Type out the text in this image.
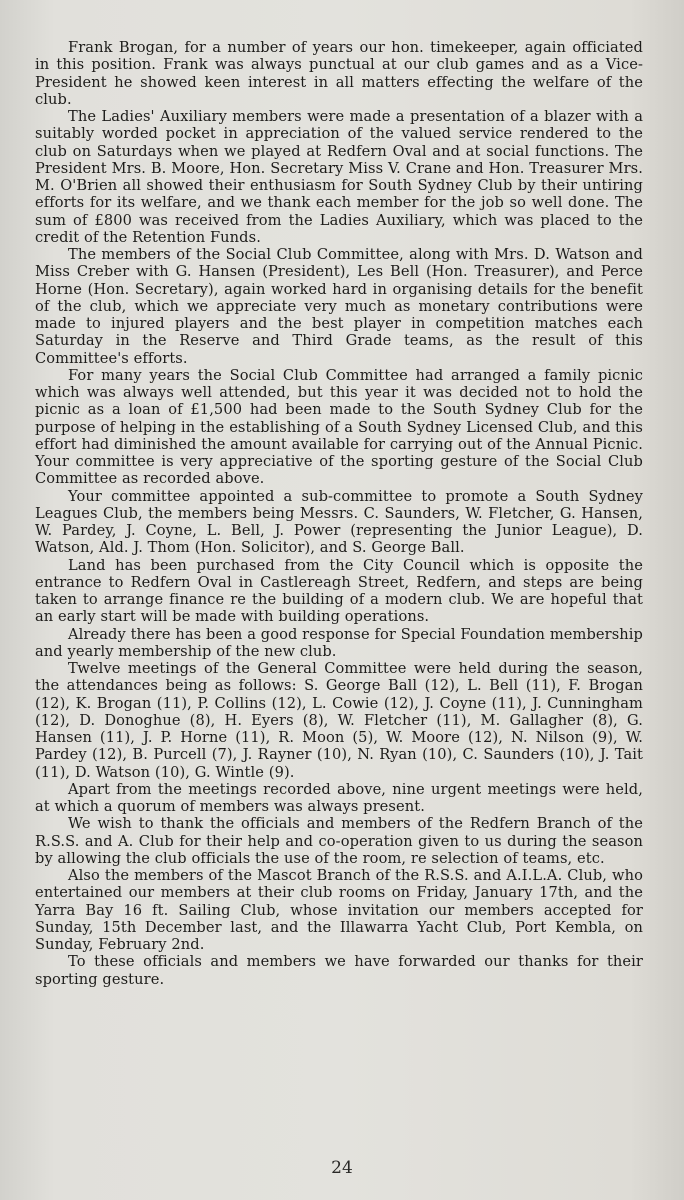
Frank Brogan, for a number of years our hon. timekeeper, again officiated in this position. Frank was always punctual at our club games and as a Vice-President he showed keen interest in all matters effecting the welfare of the club.

The Ladies' Auxiliary members were made a presentation of a blazer with a suitably worded pocket in appreciation of the valued service rendered to the club on Saturdays when we played at Redfern Oval and at social functions. The President Mrs. B. Moore, Hon. Secretary Miss V. Crane and Hon. Treasurer Mrs. M. O'Brien all showed their enthusiasm for South Sydney Club by their untiring efforts for its welfare, and we thank each member for the job so well done. The sum of £800 was received from the Ladies Auxiliary, which was placed to the credit of the Retention Funds.

The members of the Social Club Committee, along with Mrs. D. Watson and Miss Creber with G. Hansen (President), Les Bell (Hon. Treasurer), and Perce Horne (Hon. Secretary), again worked hard in organising details for the benefit of the club, which we appreciate very much as monetary contributions were made to injured players and the best player in competition matches each Saturday in the Reserve and Third Grade teams, as the result of this Committee's efforts.

For many years the Social Club Committee had arranged a family picnic which was always well attended, but this year it was decided not to hold the picnic as a loan of £1,500 had been made to the South Sydney Club for the purpose of helping in the establishing of a South Sydney Licensed Club, and this effort had diminished the amount available for carrying out of the Annual Picnic. Your committee is very appreciative of the sporting gesture of the Social Club Committee as recorded above.

Your committee appointed a sub-committee to promote a South Sydney Leagues Club, the members being Messrs. C. Saunders, W. Fletcher, G. Hansen, W. Pardey, J. Coyne, L. Bell, J. Power (representing the Junior League), D. Watson, Ald. J. Thom (Hon. Solicitor), and S. George Ball.

Land has been purchased from the City Council which is opposite the entrance to Redfern Oval in Castlereagh Street, Redfern, and steps are being taken to arrange finance re the building of a modern club. We are hopeful that an early start will be made with building operations.

Already there has been a good response for Special Foundation membership and yearly membership of the new club.

Twelve meetings of the General Committee were held during the season, the attendances being as follows: S. George Ball (12), L. Bell (11), F. Brogan (12), K. Brogan (11), P. Collins (12), L. Cowie (12), J. Coyne (11), J. Cunningham (12), D. Donoghue (8), H. Eyers (8), W. Fletcher (11), M. Gallagher (8), G. Hansen (11), J. P. Horne (11), R. Moon (5), W. Moore (12), N. Nilson (9), W. Pardey (12), B. Purcell (7), J. Rayner (10), N. Ryan (10), C. Saunders (10), J. Tait (11), D. Watson (10), G. Wintle (9).

Apart from the meetings recorded above, nine urgent meetings were held, at which a quorum of members was always present.

We wish to thank the officials and members of the Redfern Branch of the R.S.S. and A. Club for their help and co-operation given to us during the season by allowing the club officials the use of the room, re selection of teams, etc.

Also the members of the Mascot Branch of the R.S.S. and A.I.L.A. Club, who entertained our members at their club rooms on Friday, January 17th, and the Yarra Bay 16 ft. Sailing Club, whose invitation our members accepted for Sunday, 15th December last, and the Illawarra Yacht Club, Port Kembla, on Sunday, February 2nd.

To these officials and members we have forwarded our thanks for their sporting gesture.

24
